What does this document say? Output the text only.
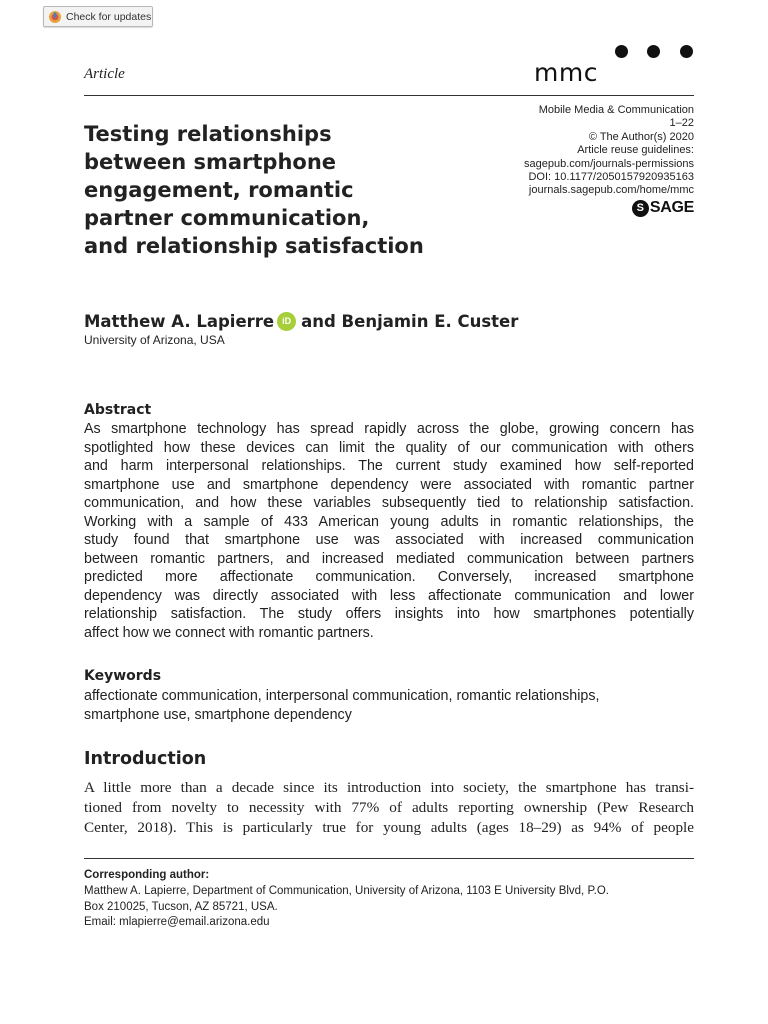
Check for updates
Article	mmc
Mobile Media & Communication
1–22
© The Author(s) 2020
Article reuse guidelines:
sagepub.com/journals-permissions
DOI: 10.1177/2050157920935163
journals.sagepub.com/home/mmc
S SAGE
Testing relationships
between smartphone
engagement, romantic
partner communication,
and relationship satisfaction
Matthew A. Lapierre iD and Benjamin E. Custer
University of Arizona, USA
Abstract
As smartphone technology has spread rapidly across the globe, growing concern has
spotlighted how these devices can limit the quality of our communication with others
and harm interpersonal relationships. The current study examined how self-reported
smartphone use and smartphone dependency were associated with romantic partner
communication, and how these variables subsequently tied to relationship satisfaction.
Working with a sample of 433 American young adults in romantic relationships, the
study found that smartphone use was associated with increased communication
between romantic partners, and increased mediated communication between partners
predicted more affectionate communication. Conversely, increased smartphone
dependency was directly associated with less affectionate communication and lower
relationship satisfaction. The study offers insights into how smartphones potentially
affect how we connect with romantic partners.
Keywords
affectionate communication, interpersonal communication, romantic relationships,
smartphone use, smartphone dependency
Introduction
A little more than a decade since its introduction into society, the smartphone has transi-
tioned from novelty to necessity with 77% of adults reporting ownership (Pew Research
Center, 2018). This is particularly true for young adults (ages 18–29) as 94% of people
Corresponding author:
Matthew A. Lapierre, Department of Communication, University of Arizona, 1103 E University Blvd, P.O.
Box 210025, Tucson, AZ 85721, USA.
Email: mlapierre@email.arizona.edu
